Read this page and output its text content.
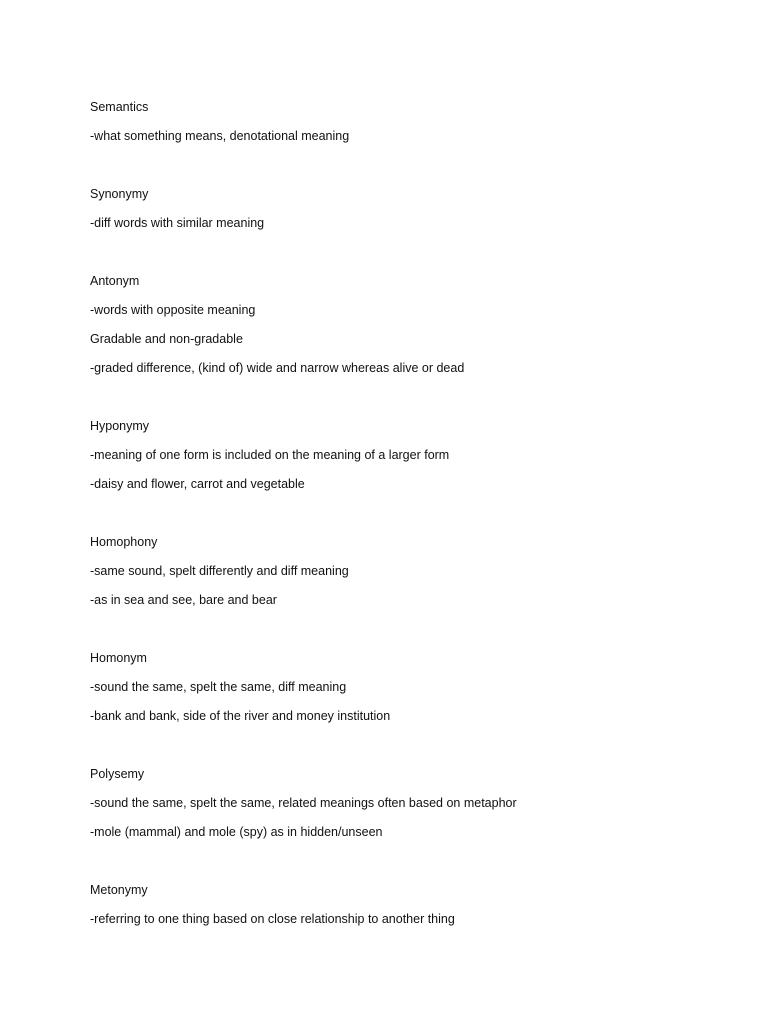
Semantics
-what something means, denotational meaning
Synonymy
-diff words with similar meaning
Antonym
-words with opposite meaning
Gradable and non-gradable
-graded difference, (kind of) wide and narrow whereas alive or dead
Hyponymy
-meaning of one form is included on the meaning of a larger form
-daisy and flower, carrot and vegetable
Homophony
-same sound, spelt differently and diff meaning
-as in sea and see, bare and bear
Homonym
-sound the same, spelt the same, diff meaning
-bank and bank, side of the river and money institution
Polysemy
-sound the same, spelt the same, related meanings often based on metaphor
-mole (mammal) and mole (spy) as in hidden/unseen
Metonymy
-referring to one thing based on close relationship to another thing
